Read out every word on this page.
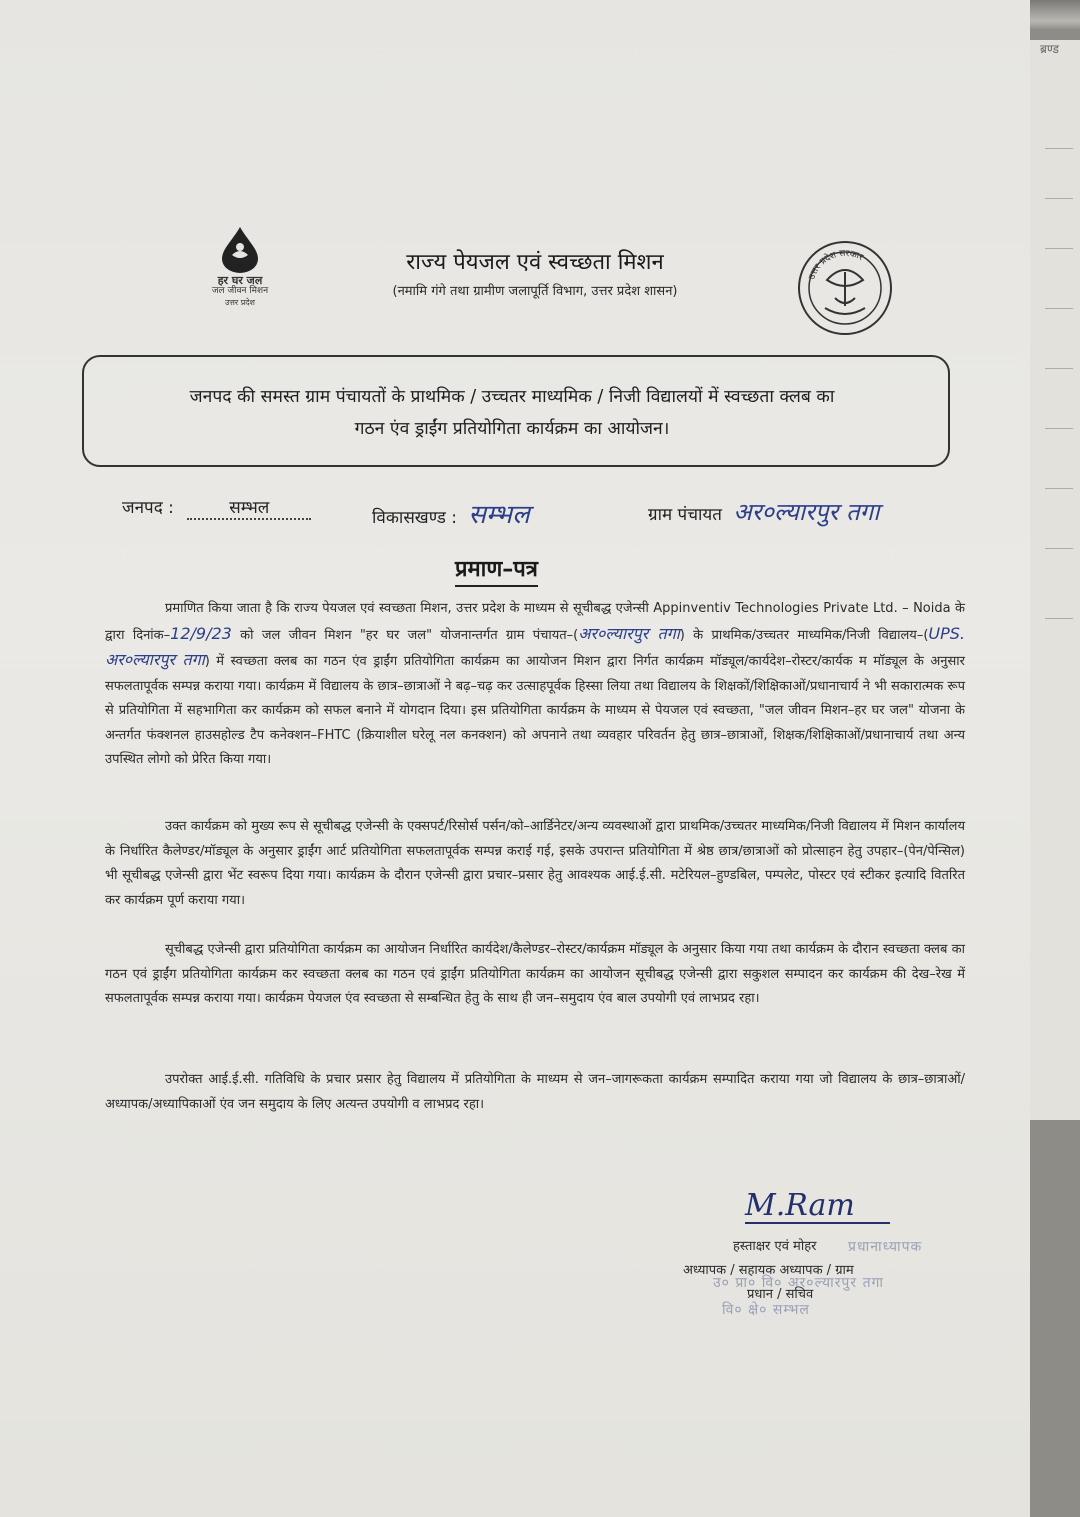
ब्रण्ड
हर घर जल
जल जीवन मिशन
उत्तर प्रदेश
राज्य पेयजल एवं स्वच्छता मिशन
(नमामि गंगे तथा ग्रामीण जलापूर्ति विभाग, उत्तर प्रदेश शासन)
उत्तर प्रदेश सरकार
जनपद की समस्त ग्राम पंचायतों के प्राथमिक / उच्चतर माध्यमिक / निजी विद्यालयों में स्वच्छता क्लब का
गठन एंव ड्राईंग प्रतियोगिता कार्यक्रम का आयोजन।
जनपद :	सम्भल	विकासखण्ड : सम्भल	ग्राम पंचायत अर०ल्यारपुर तगा
प्रमाण–पत्र
प्रमाणित किया जाता है कि राज्य पेयजल एवं स्वच्छता मिशन, उत्तर प्रदेश के माध्यम से सूचीबद्ध एजेन्सी Appinventiv Technologies Private Ltd. – Noida के द्वारा दिनांक–12/9/23 को जल जीवन मिशन "हर घर जल" योजनान्तर्गत ग्राम पंचायत–(अर०ल्यारपुर तगा) के प्राथमिक/उच्चतर माध्यमिक/निजी विद्यालय–(UPS. अर०ल्यारपुर तगा) में स्वच्छता क्लब का गठन एंव ड्राईंग प्रतियोगिता कार्यक्रम का आयोजन मिशन द्वारा निर्गत कार्यक्रम मॉड्यूल/कार्यदेश–रोस्टर/कार्यक म मॉड्यूल के अनुसार सफलतापूर्वक सम्पन्न कराया गया। कार्यक्रम में विद्यालय के छात्र–छात्राओं ने बढ़–चढ़ कर उत्साहपूर्वक हिस्सा लिया तथा विद्यालय के शिक्षकों/शिक्षिकाओं/प्रधानाचार्य ने भी सकारात्मक रूप से प्रतियोगिता में सहभागिता कर कार्यक्रम को सफल बनाने में योगदान दिया। इस प्रतियोगिता कार्यक्रम के माध्यम से पेयजल एवं स्वच्छता, "जल जीवन मिशन–हर घर जल" योजना के अन्तर्गत फंक्शनल हाउसहोल्ड टैप कनेक्शन–FHTC (क्रियाशील घरेलू नल कनक्शन) को अपनाने तथा व्यवहार परिवर्तन हेतु छात्र–छात्राओं, शिक्षक/शिक्षिकाओं/प्रधानाचार्य तथा अन्य उपस्थित लोगो को प्रेरित किया गया।
उक्त कार्यक्रम को मुख्य रूप से सूचीबद्ध एजेन्सी के एक्सपर्ट/रिसोर्स पर्सन/को–आर्डिनेटर/अन्य व्यवस्थाओं द्वारा प्राथमिक/उच्चतर माध्यमिक/निजी विद्यालय में मिशन कार्यालय के निर्धारित कैलेण्डर/मॉड्यूल के अनुसार ड्राईंग आर्ट प्रतियोगिता सफलतापूर्वक सम्पन्न कराई गई, इसके उपरान्त प्रतियोगिता में श्रेष्ठ छात्र/छात्राओं को प्रोत्साहन हेतु उपहार–(पेन/पेन्सिल) भी सूचीबद्ध एजेन्सी द्वारा भेंट स्वरूप दिया गया। कार्यक्रम के दौरान एजेन्सी द्वारा प्रचार–प्रसार हेतु आवश्यक आई.ई.सी. मटेरियल–हुण्डबिल, पम्पलेट, पोस्टर एवं स्टीकर इत्यादि वितरित कर कार्यक्रम पूर्ण कराया गया।
सूचीबद्ध एजेन्सी द्वारा प्रतियोगिता कार्यक्रम का आयोजन निर्धारित कार्यदेश/कैलेण्डर–रोस्टर/कार्यक्रम मॉड्यूल के अनुसार किया गया तथा कार्यक्रम के दौरान स्वच्छता क्लब का गठन एवं ड्राईंग प्रतियोगिता कार्यक्रम कर स्वच्छता क्लब का गठन एवं ड्राईंग प्रतियोगिता कार्यक्रम का आयोजन सूचीबद्ध एजेन्सी द्वारा सकुशल सम्पादन कर कार्यक्रम की देख–रेख में सफलतापूर्वक सम्पन्न कराया गया। कार्यक्रम पेयजल एंव स्वच्छता से सम्बन्धित हेतु के साथ ही जन–समुदाय एंव बाल उपयोगी एवं लाभप्रद रहा।
उपरोक्त आई.ई.सी. गतिविधि के प्रचार प्रसार हेतु विद्यालय में प्रतियोगिता के माध्यम से जन–जागरूकता कार्यक्रम सम्पादित कराया गया जो विद्यालय के छात्र–छात्राओं/अध्यापक/अध्यापिकाओं एंव जन समुदाय के लिए अत्यन्त उपयोगी व लाभप्रद रहा।
M.Ram
हस्ताक्षर एवं मोहर
अध्यापक / सहायक अध्यापक / ग्राम
प्रधान / सचिव
प्रधानाध्यापक
उ० प्रा० वि० अर०ल्यारपुर तगा
वि० क्षे० सम्भल
